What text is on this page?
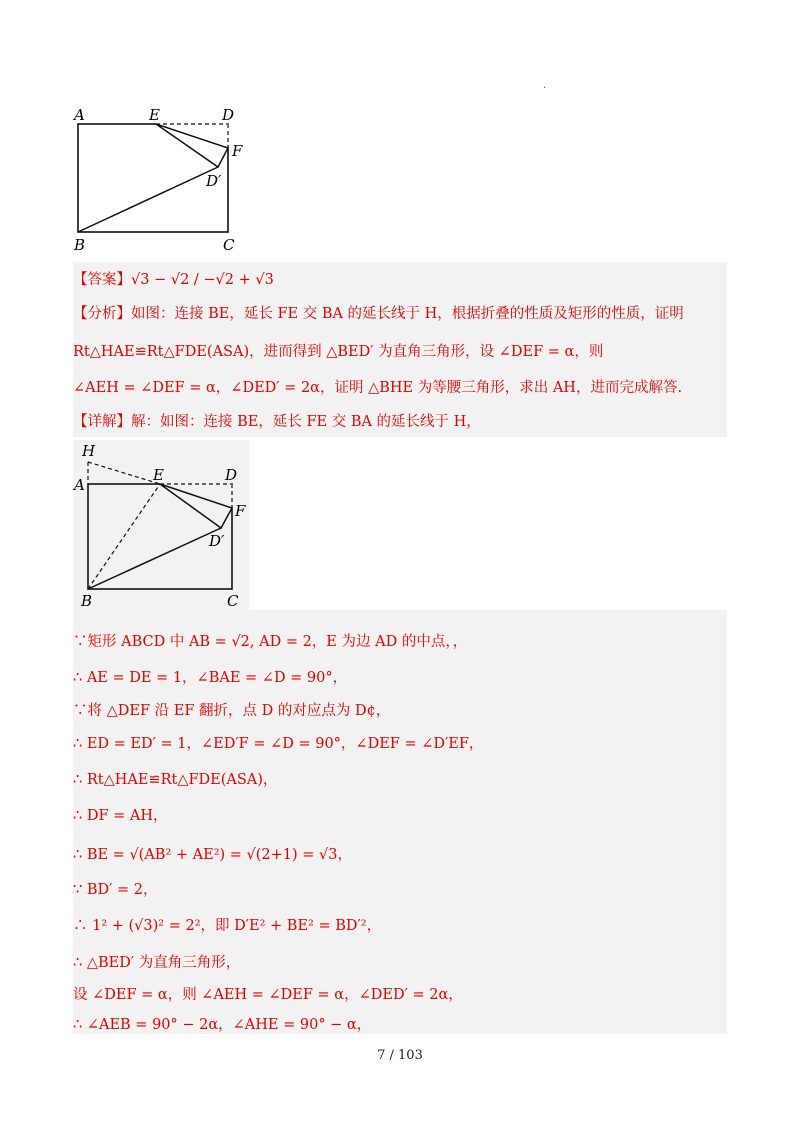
.
A	E	D
F
D′
B	C
【答案】√3 − √2 / −√2 + √3
【分析】如图：连接 BE，延长 FE 交 BA 的延长线于 H，根据折叠的性质及矩形的性质，证明
Rt△HAE≌Rt△FDE(ASA)，进而得到 △BED′ 为直角三角形，设 ∠DEF = α，则
∠AEH = ∠DEF = α，∠DED′ = 2α，证明 △BHE 为等腰三角形，求出 AH，进而完成解答.
【详解】解：如图：连接 BE，延长 FE 交 BA 的延长线于 H，
H
A
E	D
F
D′
B	C
∵矩形 ABCD 中 AB = √2, AD = 2，E 为边 AD 的中点，，
∴ AE = DE = 1，∠BAE = ∠D = 90°，
∵将 △DEF 沿 EF 翻折，点 D 的对应点为 D¢，
∴ ED = ED′ = 1，∠ED′F = ∠D = 90°，∠DEF = ∠D′EF，
∴ Rt△HAE≌Rt△FDE(ASA)，
∴ DF = AH，
∴ BE = √(AB² + AE²) = √(2+1) = √3，
∵ BD′ = 2，
∴ 1² + (√3)² = 2²，即 D′E² + BE² = BD′²，
∴ △BED′ 为直角三角形，
设 ∠DEF = α，则 ∠AEH = ∠DEF = α，∠DED′ = 2α，
∴ ∠AEB = 90° − 2α，∠AHE = 90° − α，
7 / 103
